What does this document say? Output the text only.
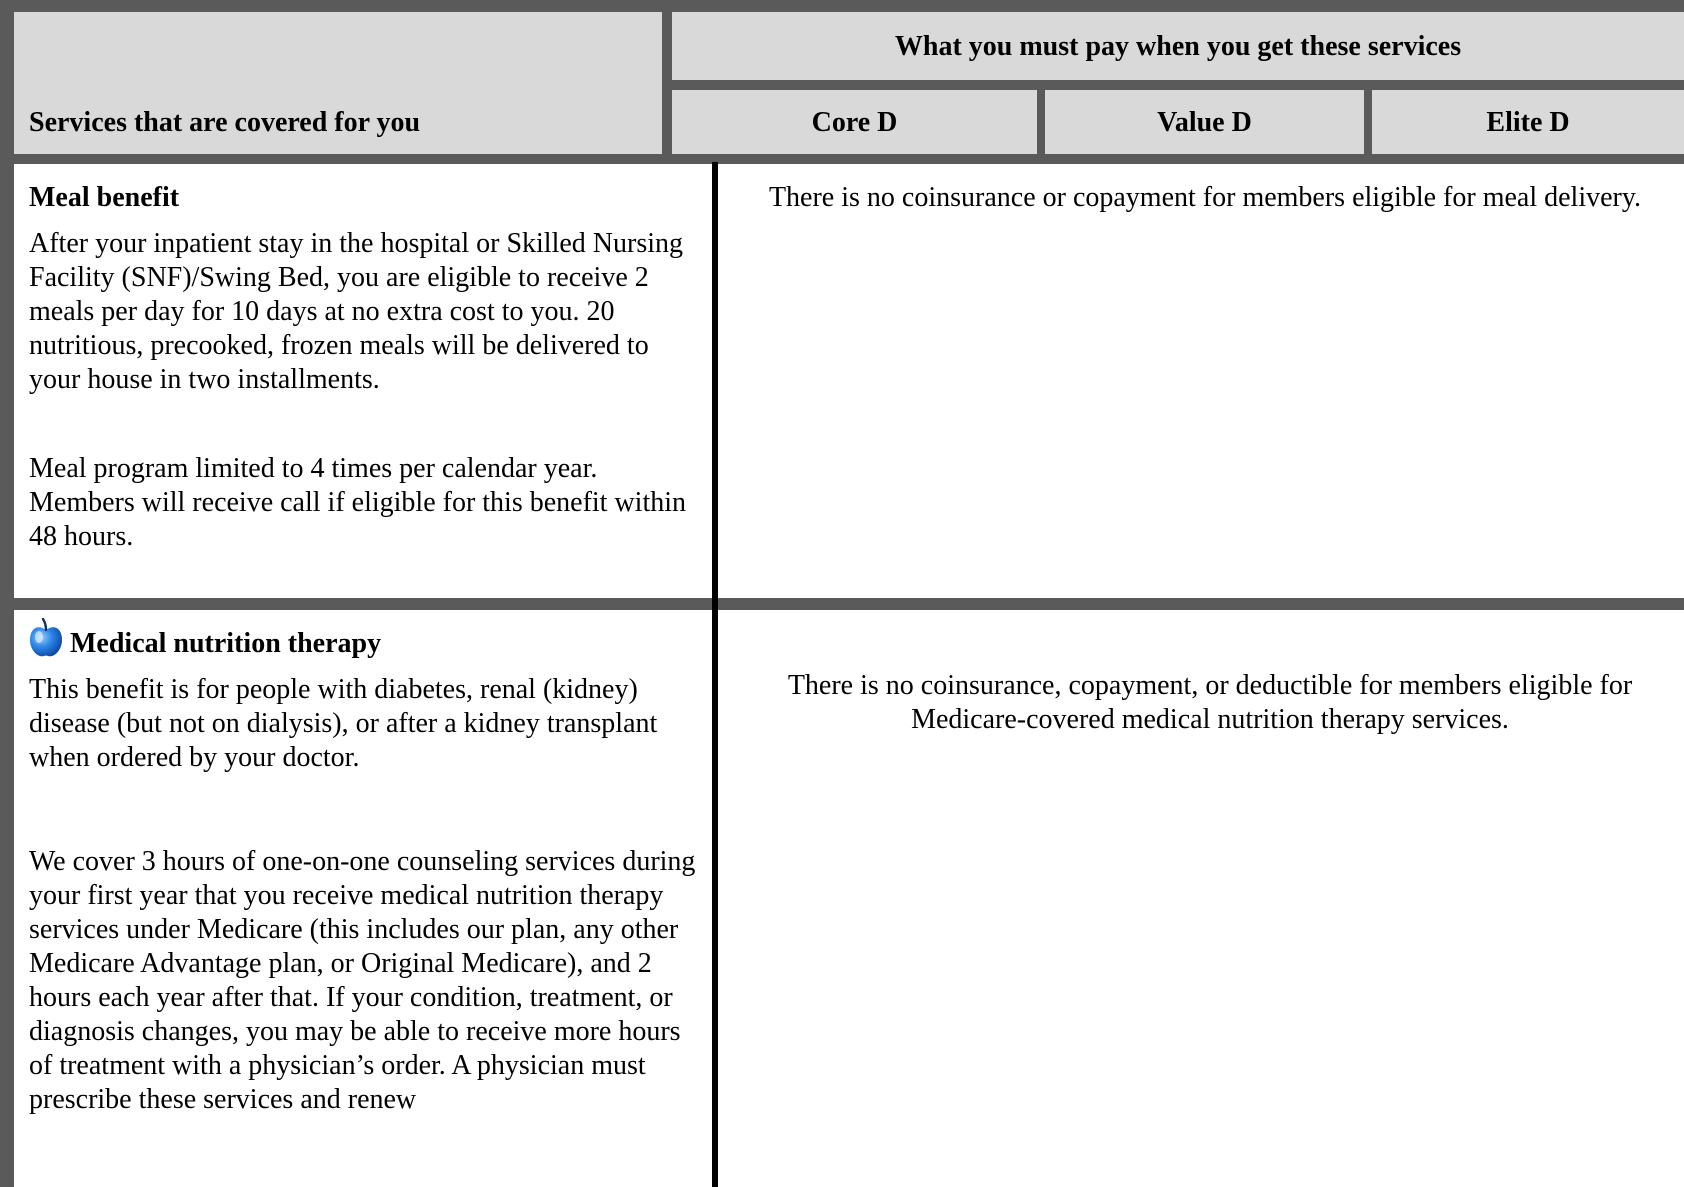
Services that are covered for you
What you must pay when you get these services
Core D	Value D	Elite D
Meal benefit
After your inpatient stay in the hospital or Skilled Nursing Facility (SNF)/Swing Bed, you are eligible to receive 2 meals per day for 10 days at no extra cost to you. 20 nutritious, precooked, frozen meals will be delivered to your house in two installments.
Meal program limited to 4 times per calendar year. Members will receive call if eligible for this benefit within 48 hours.
There is no coinsurance or copayment for members eligible for meal delivery.
Medical nutrition therapy
This benefit is for people with diabetes, renal (kidney) disease (but not on dialysis), or after a kidney transplant when ordered by your doctor.
We cover 3 hours of one-on-one counseling services during your first year that you receive medical nutrition therapy services under Medicare (this includes our plan, any other Medicare Advantage plan, or Original Medicare), and 2 hours each year after that. If your condition, treatment, or diagnosis changes, you may be able to receive more hours of treatment with a physician’s order. A physician must prescribe these services and renew
There is no coinsurance, copayment, or deductible for members eligible for Medicare-covered medical nutrition therapy services.
